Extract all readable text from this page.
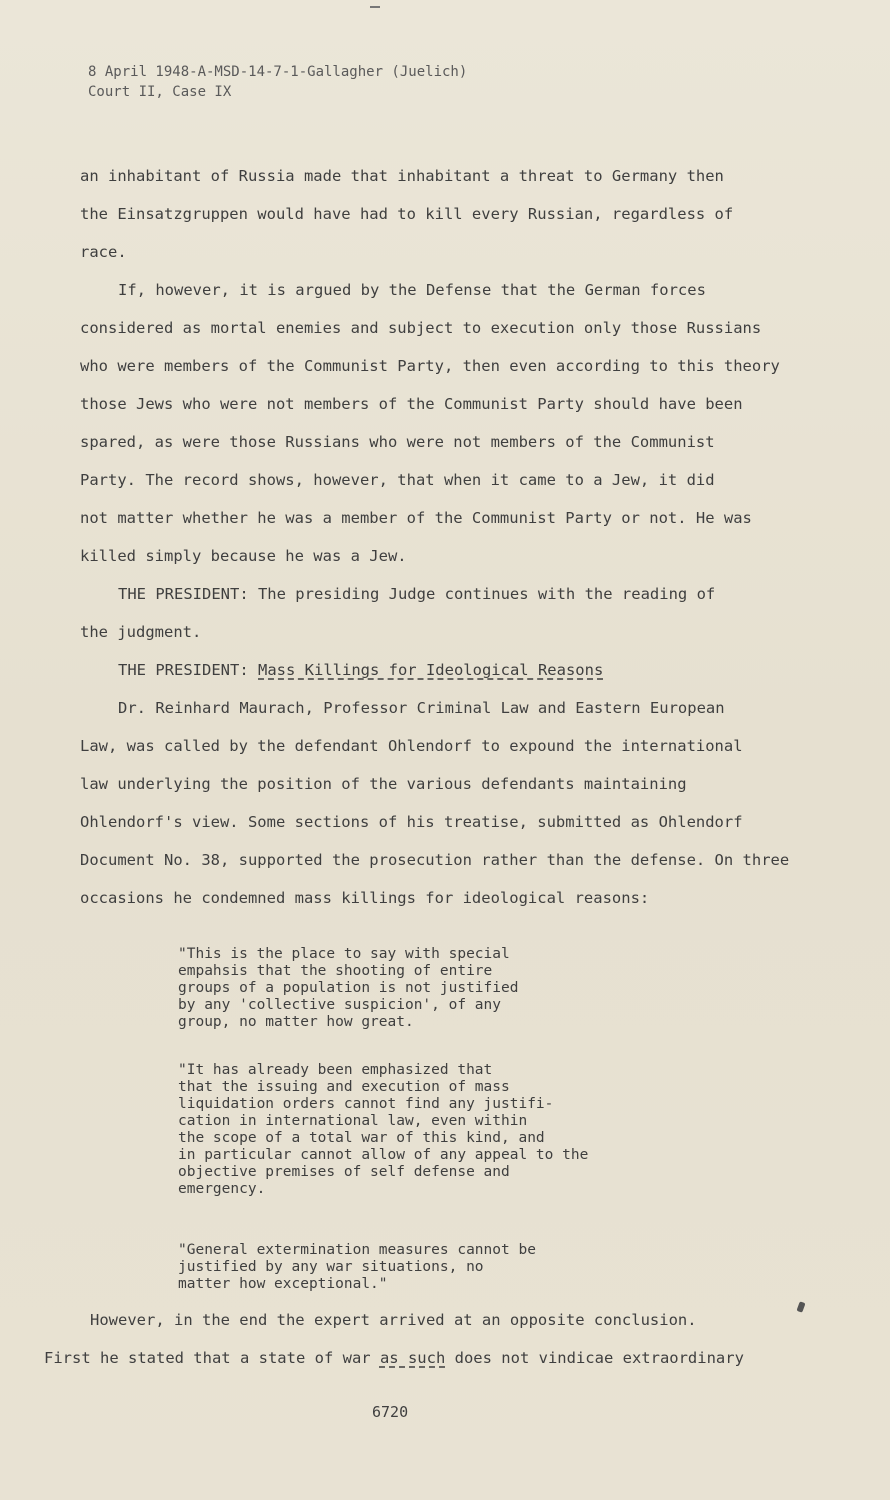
8 April 1948-A-MSD-14-7-1-Gallagher (Juelich)
Court II, Case IX

an inhabitant of Russia made that inhabitant a threat to Germany then

the Einsatzgruppen would have had to kill every Russian, regardless of

race.

If, however, it is argued by the Defense that the German forces

considered as mortal enemies and subject to execution only those Russians

who were members of the Communist Party, then even according to this theory

those Jews who were not members of the Communist Party should have been

spared, as were those Russians who were not members of the Communist

Party. The record shows, however, that when it came to a Jew, it did

not matter whether he was a member of the Communist Party or not. He was

killed simply because he was a Jew.

THE PRESIDENT: The presiding Judge continues with the reading of

the judgment.

THE PRESIDENT: Mass Killings for Ideological Reasons

Dr. Reinhard Maurach, Professor Criminal Law and Eastern European

Law, was called by the defendant Ohlendorf to expound the international

law underlying the position of the various defendants maintaining

Ohlendorf's view. Some sections of his treatise, submitted as Ohlendorf

Document No. 38, supported the prosecution rather than the defense. On three

occasions he condemned mass killings for ideological reasons:

"This is the place to say with special

empahsis that the shooting of entire

groups of a population is not justified

by any 'collective suspicion', of any

group, no matter how great.

"It has already been emphasized that

that the issuing and execution of mass

liquidation orders cannot find any justifi-

cation in international law, even within

the scope of a total war of this kind, and

in particular cannot allow of any appeal to the

objective premises of self defense and

emergency.

"General extermination measures cannot be

justified by any war situations, no

matter how exceptional."

However, in the end the expert arrived at an opposite conclusion.

First he stated that a state of war as such does not vindicae extraordinary

6720
